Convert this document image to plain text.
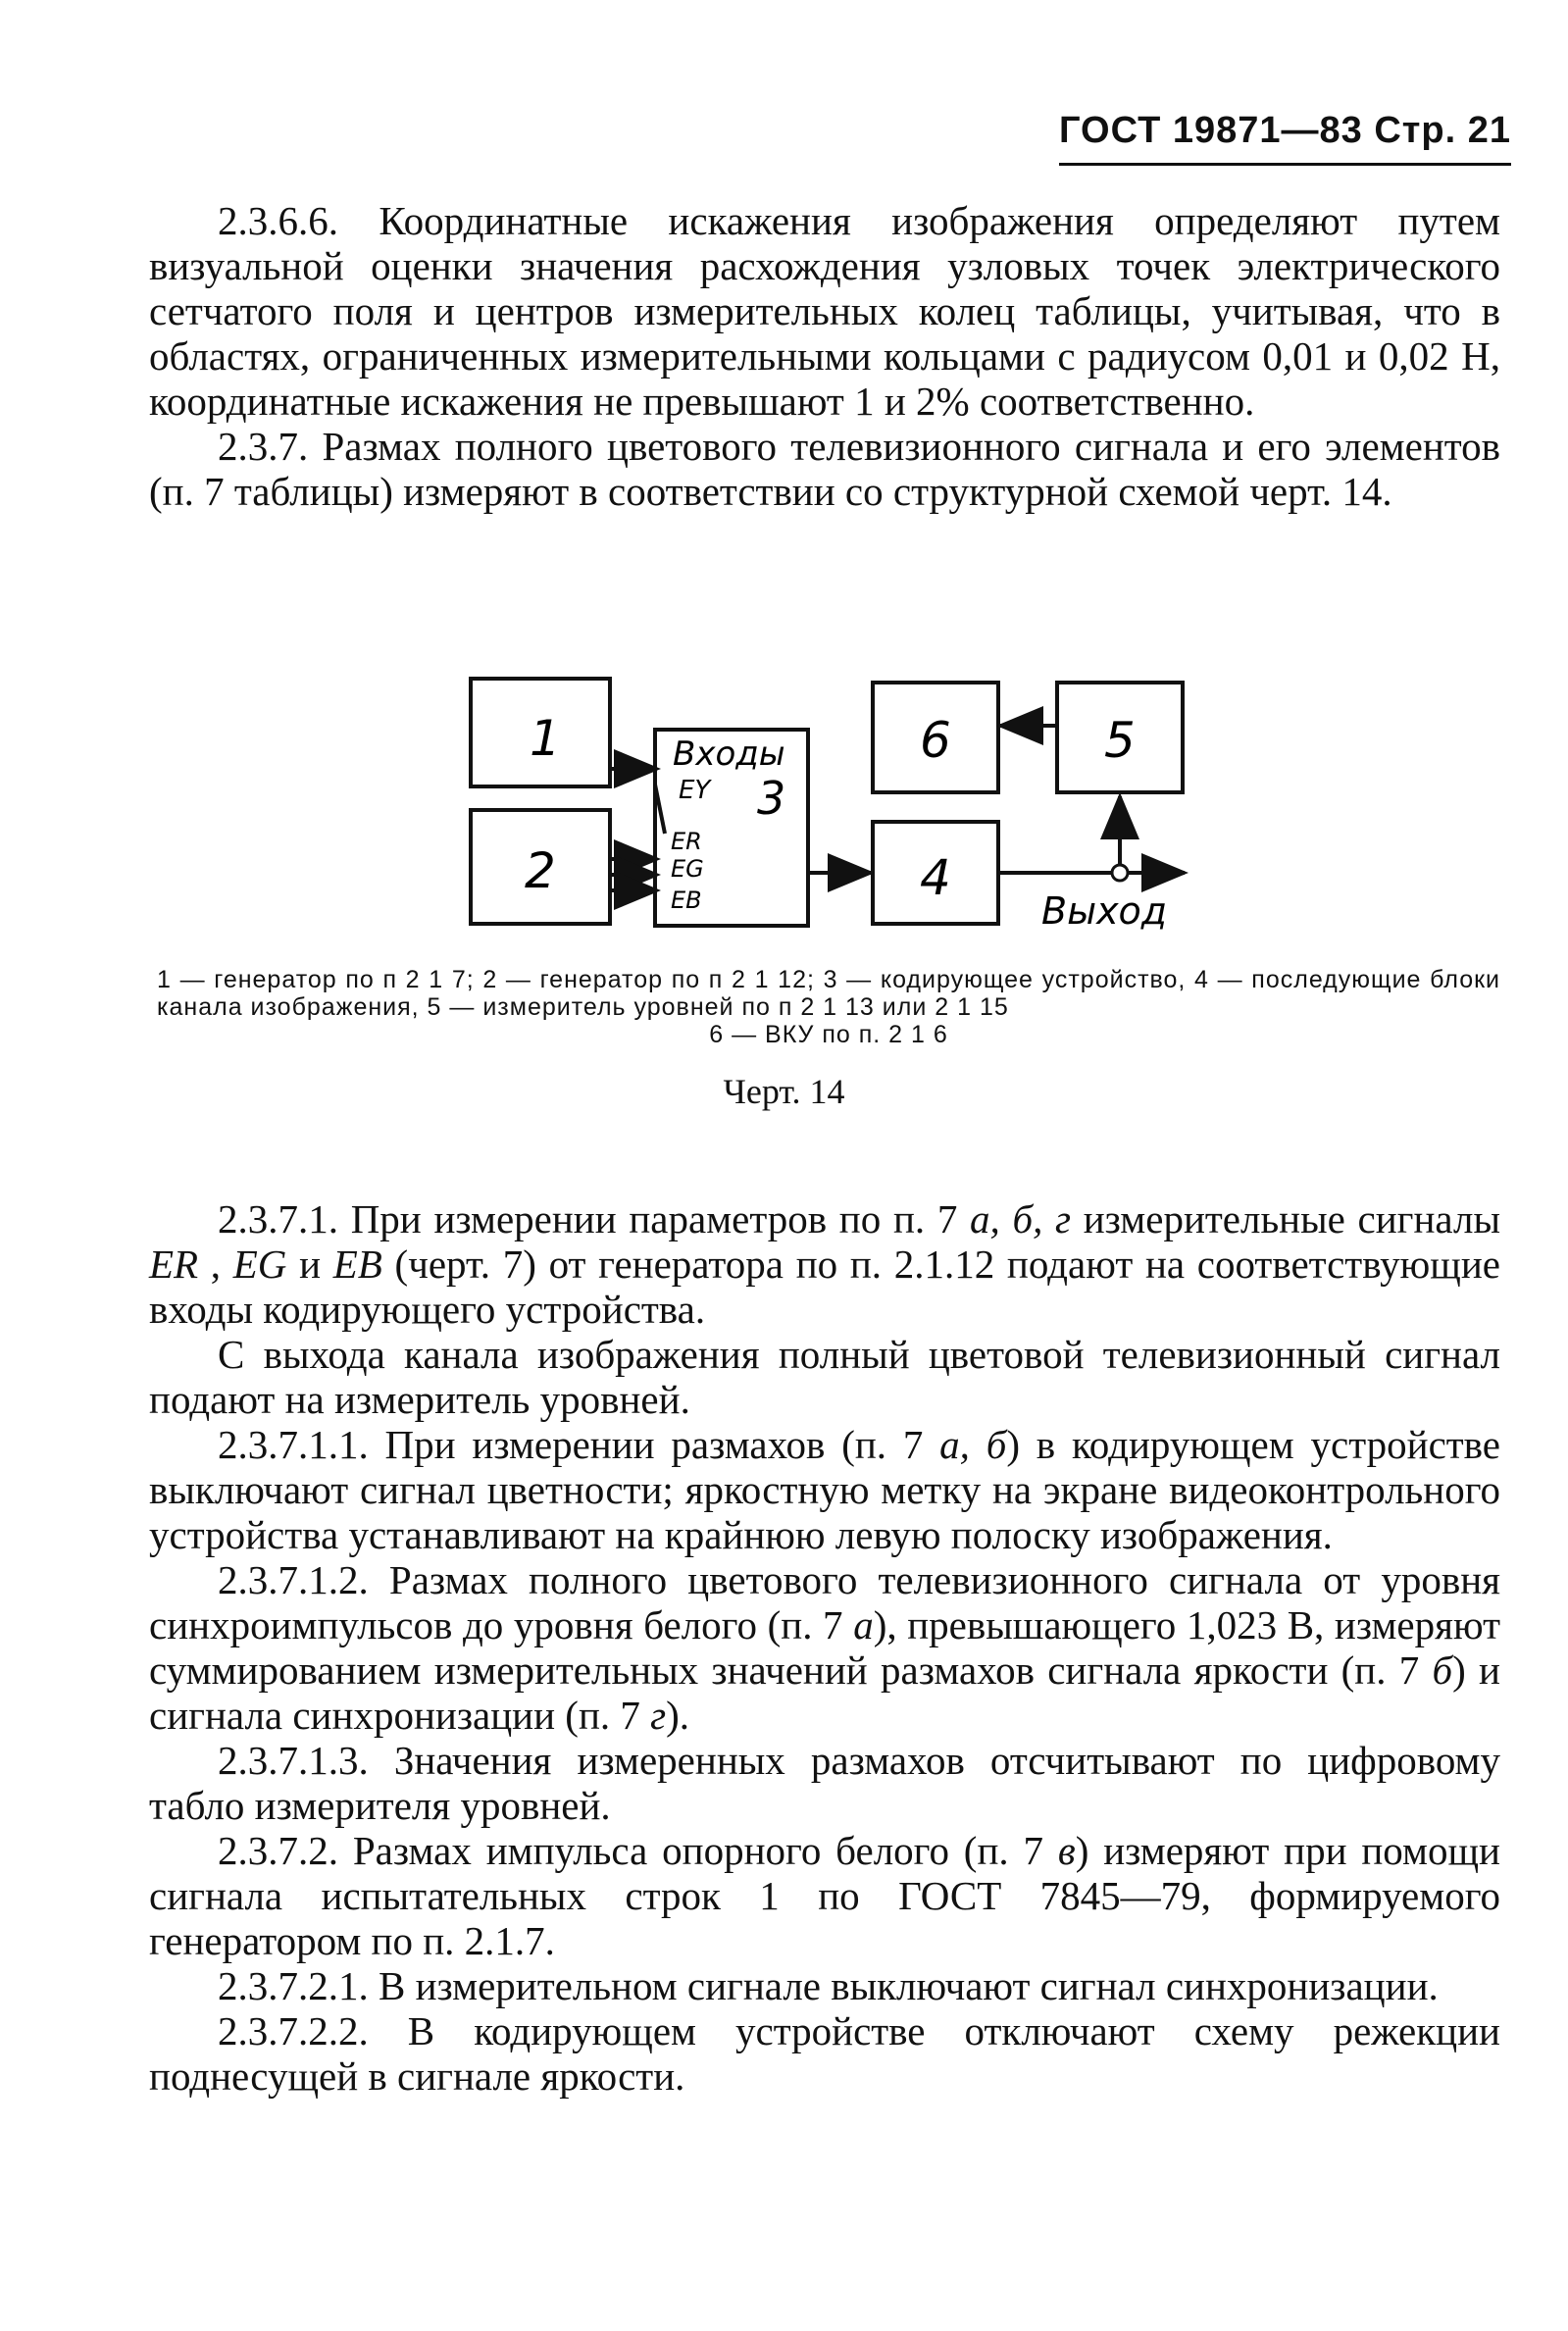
ГОСТ 19871—83 Стр. 21

2.3.6.6. Координатные искажения изображения определяют путем визуальной оценки значения расхождения узловых точек электрического сетчатого поля и центров измерительных колец таблицы, учитывая, что в областях, ограниченных измерительными кольцами с радиусом 0,01 и 0,02 Н, координатные искажения не превышают 1 и 2% соответственно.

2.3.7. Размах полного цветового телевизионного сигнала и его элементов (п. 7 таблицы) измеряют в соответствии со структурной схемой черт. 14.

1
2
3
Входы
EY
ER
EG
EB	4
6	5
Выход
1 — генератор по п 2 1 7; 2 — генератор по п 2 1 12; 3 — кодирующее устройство, 4 — последующие блоки канала изображения, 5 — измеритель уровней по п 2 1 13 или 2 1 15
6 — ВКУ по п. 2 1 6
Черт. 14

2.3.7.1. При измерении параметров по п. 7 а, б, г измерительные сигналы ER , EG и EB (черт. 7) от генератора по п. 2.1.12 подают на соответствующие входы кодирующего устройства.

С выхода канала изображения полный цветовой телевизионный сигнал подают на измеритель уровней.

2.3.7.1.1. При измерении размахов (п. 7 а, б) в кодирующем устройстве выключают сигнал цветности; яркостную метку на экране видеоконтрольного устройства устанавливают на крайнюю левую полоску изображения.

2.3.7.1.2. Размах полного цветового телевизионного сигнала от уровня синхроимпульсов до уровня белого (п. 7 а), превышающего 1,023 В, измеряют суммированием измерительных значений размахов сигнала яркости (п. 7 б) и сигнала синхронизации (п. 7 г).

2.3.7.1.3. Значения измеренных размахов отсчитывают по цифровому табло измерителя уровней.

2.3.7.2. Размах импульса опорного белого (п. 7 в) измеряют при помощи сигнала испытательных строк 1 по ГОСТ 7845—79, формируемого генератором по п. 2.1.7.

2.3.7.2.1. В измерительном сигнале выключают сигнал синхронизации.

2.3.7.2.2. В кодирующем устройстве отключают схему режекции поднесущей в сигнале яркости.
